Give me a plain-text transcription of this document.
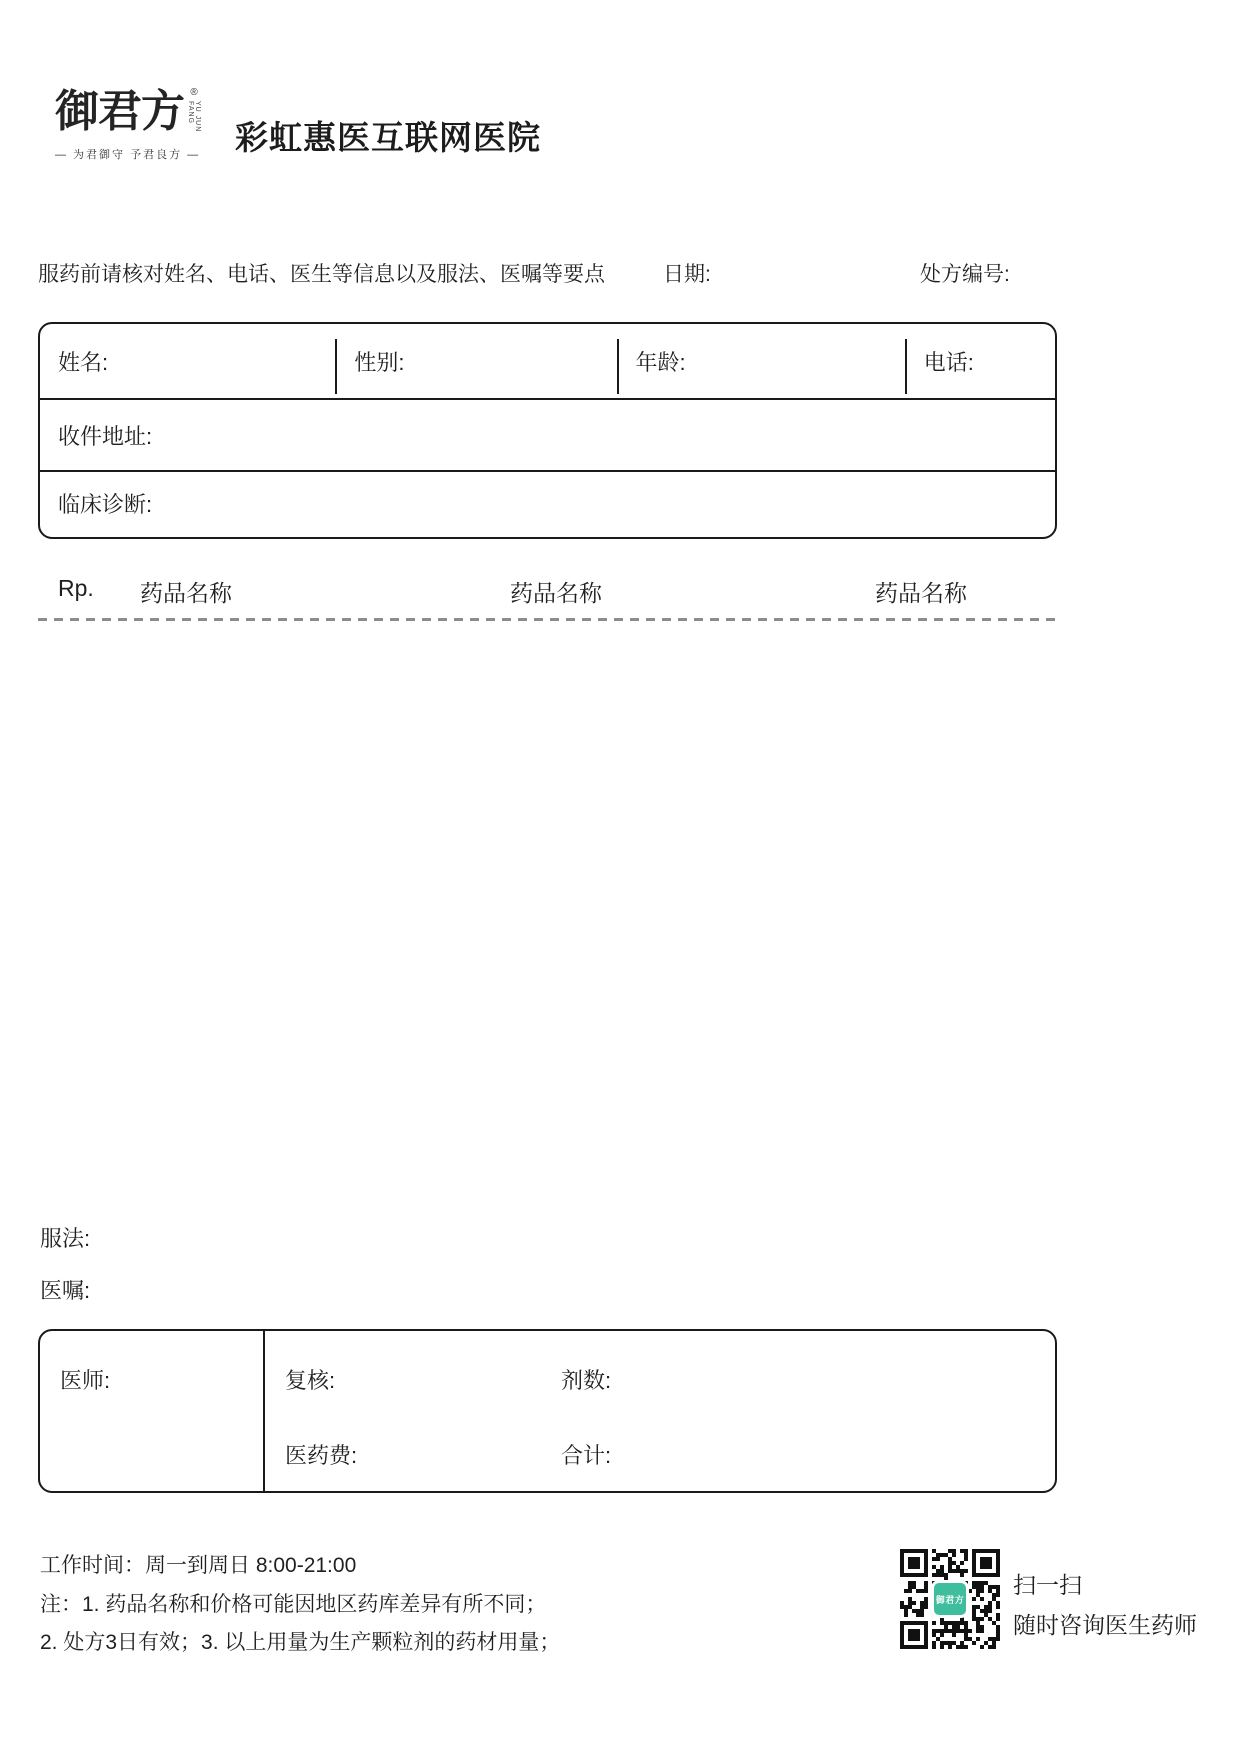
御君方 ®
YU JUN FANG
— 为君御守 予君良方 — 彩虹惠医互联网医院
服药前请核对姓名、电话、医生等信息以及服法、医嘱等要点	日期:	处方编号:
姓名:	性别:	年龄:	电话:
收件地址:
临床诊断:
Rp. 药品名称	药品名称	药品名称
服法:
医嘱:
医师:	复核:	剂数:
医药费:	合计:
工作时间：周一到周日 8:00-21:00
注：1. 药品名称和价格可能因地区药库差异有所不同；
2. 处方3日有效；3. 以上用量为生产颗粒剂的药材用量；
御君方
扫一扫
随时咨询医生药师
